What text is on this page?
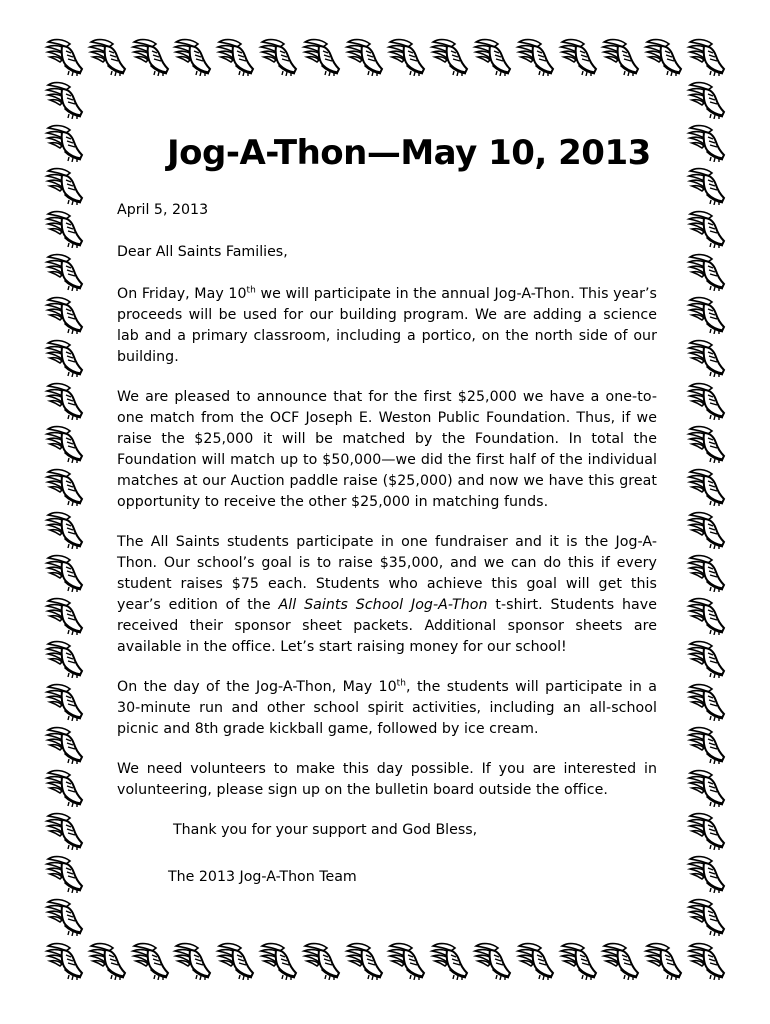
Jog-A-Thon—May 10, 2013

April 5, 2013

Dear All Saints Families,

On Friday, May 10th we will participate in the annual Jog-A-Thon. This year’s proceeds will be used for our building program. We are adding a science lab and a primary classroom, including a portico, on the north side of our building.

We are pleased to announce that for the first $25,000 we have a one-to-one match from the OCF Joseph E. Weston Public Foundation. Thus, if we raise the $25,000 it will be matched by the Foundation. In total the Foundation will match up to $50,000—we did the first half of the individual matches at our Auction paddle raise ($25,000) and now we have this great opportunity to receive the other $25,000 in matching funds.

The All Saints students participate in one fundraiser and it is the Jog-A-Thon. Our school’s goal is to raise $35,000, and we can do this if every student raises $75 each. Students who achieve this goal will get this year’s edition of the All Saints School Jog-A-Thon t-shirt. Students have received their sponsor sheet packets. Additional sponsor sheets are available in the office. Let’s start raising money for our school!

On the day of the Jog-A-Thon, May 10th, the students will participate in a 30-minute run and other school spirit activities, including an all-school picnic and 8th grade kickball game, followed by ice cream.

We need volunteers to make this day possible. If you are interested in volunteering, please sign up on the bulletin board outside the office.

Thank you for your support and God Bless,

The 2013 Jog-A-Thon Team
